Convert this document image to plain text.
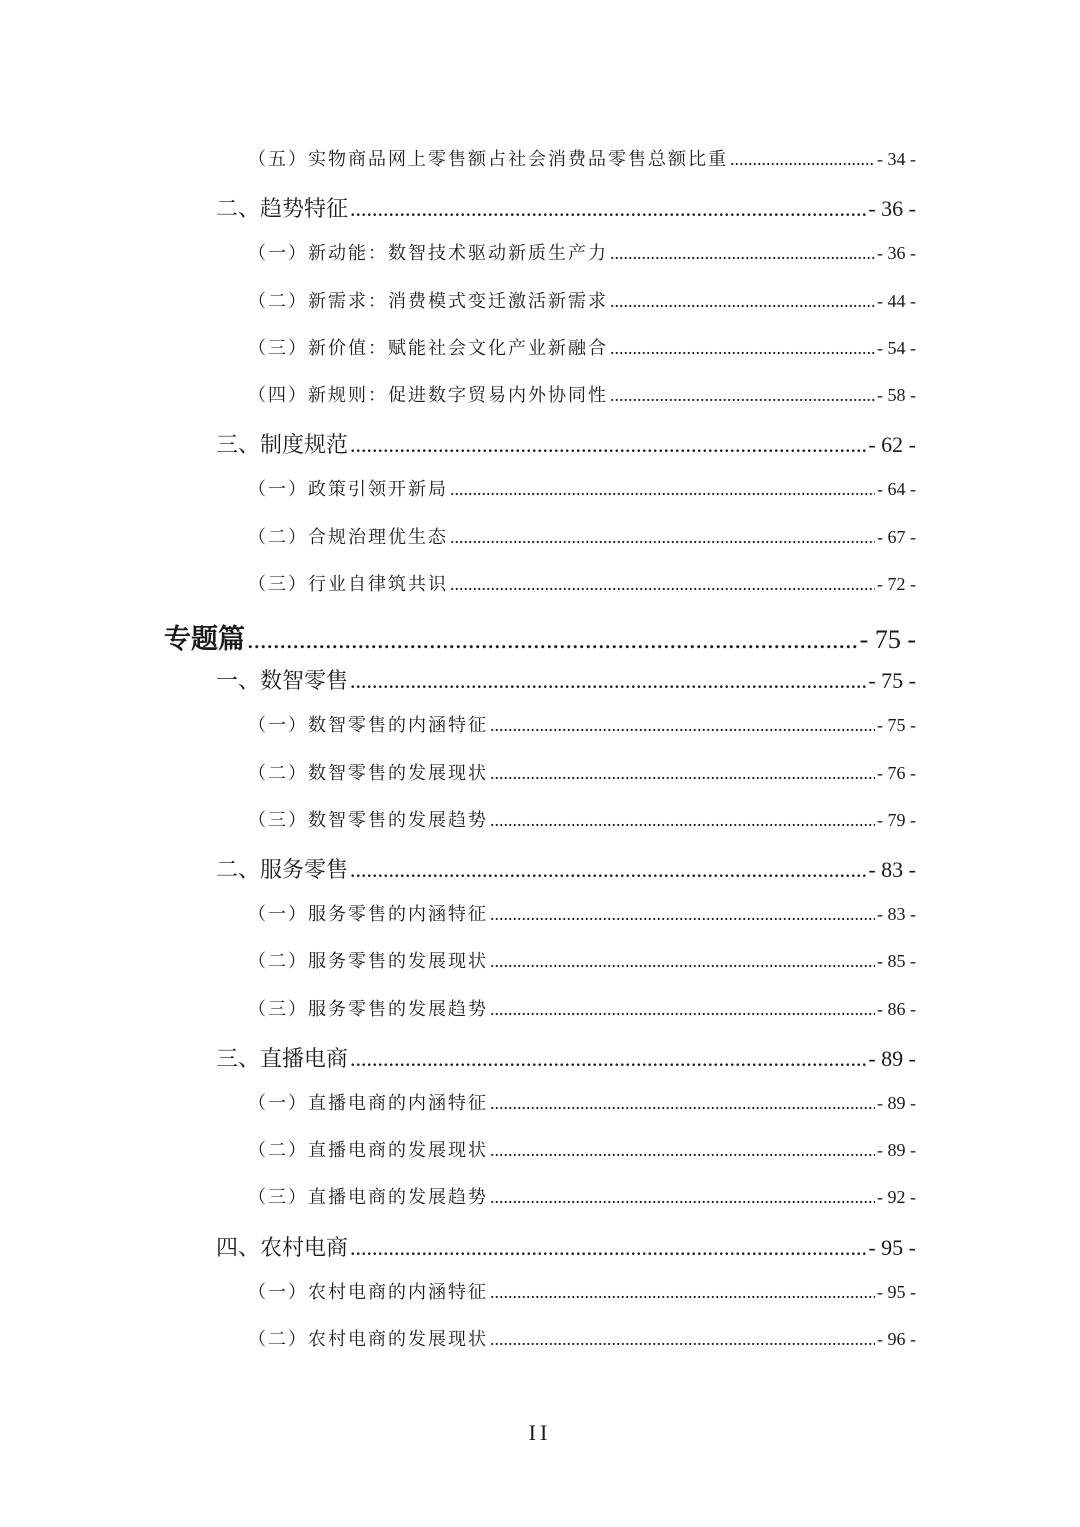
（五）实物商品网上零售额占社会消费品零售总额比重 .....	- 34 -
二、趋势特征 .....	- 36 -
（一）新动能：数智技术驱动新质生产力 .....	- 36 -
（二）新需求：消费模式变迁激活新需求 .....	- 44 -
（三）新价值：赋能社会文化产业新融合 .....	- 54 -
（四）新规则：促进数字贸易内外协同性 .....	- 58 -
三、制度规范 .....	- 62 -
（一）政策引领开新局 .....	- 64 -
（二）合规治理优生态 .....	- 67 -
（三）行业自律筑共识 .....	- 72 -
专题篇 .....	- 75 -
一、数智零售 .....	- 75 -
（一）数智零售的内涵特征 .....	- 75 -
（二）数智零售的发展现状 .....	- 76 -
（三）数智零售的发展趋势 .....	- 79 -
二、服务零售 .....	- 83 -
（一）服务零售的内涵特征 .....	- 83 -
（二）服务零售的发展现状 .....	- 85 -
（三）服务零售的发展趋势 .....	- 86 -
三、直播电商 .....	- 89 -
（一）直播电商的内涵特征 .....	- 89 -
（二）直播电商的发展现状 .....	- 89 -
（三）直播电商的发展趋势 .....	- 92 -
四、农村电商 .....	- 95 -
（一）农村电商的内涵特征 .....	- 95 -
（二）农村电商的发展现状 .....	- 96 -
II
